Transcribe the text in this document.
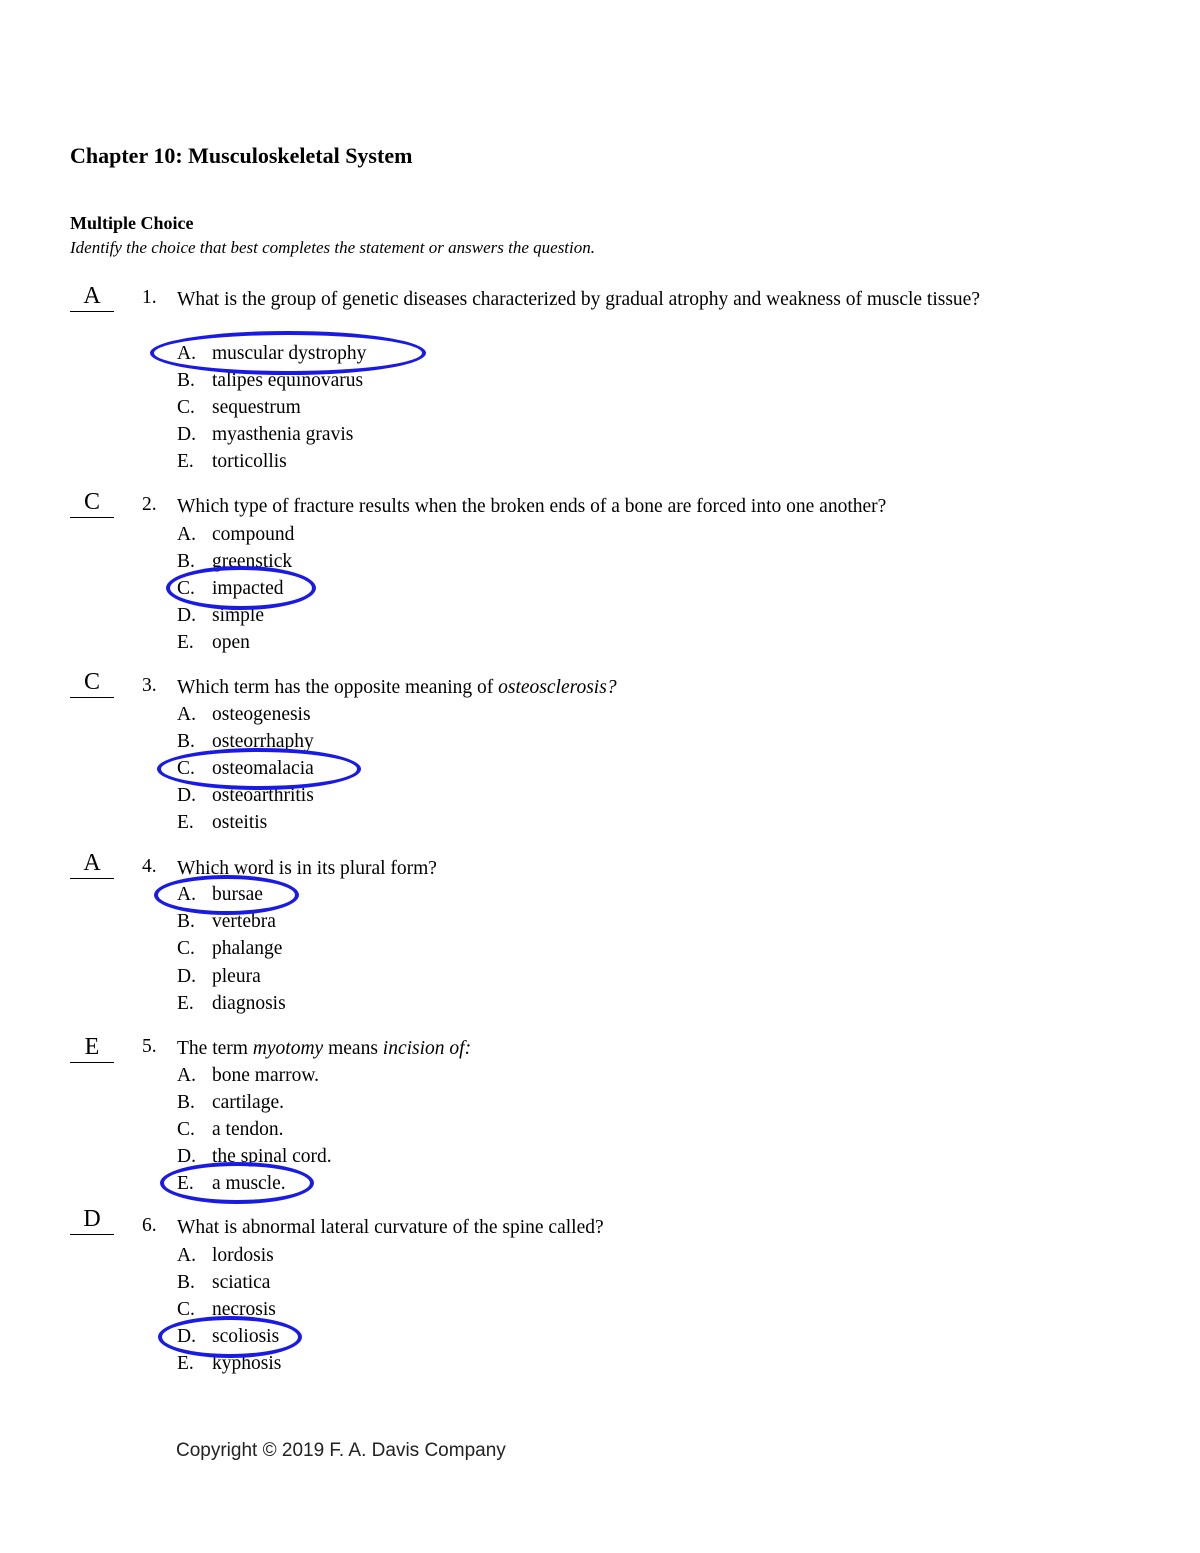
Chapter 10: Musculoskeletal System
Multiple Choice
Identify the choice that best completes the statement or answers the question.
A	1. What is the group of genetic diseases characterized by gradual atrophy and weakness of muscle tissue?
A. muscular dystrophy
B. talipes equinovarus
C. sequestrum
D. myasthenia gravis
E. torticollis
C	2. Which type of fracture results when the broken ends of a bone are forced into one another?
A. compound
B. greenstick
C. impacted
D. simple
E. open
C	3. Which term has the opposite meaning of osteosclerosis?
A. osteogenesis
B. osteorrhaphy
C. osteomalacia
D. osteoarthritis
E. osteitis
A	4. Which word is in its plural form?
A. bursae
B. vertebra
C. phalange
D. pleura
E. diagnosis
E	5. The term myotomy means incision of:
A. bone marrow.
B. cartilage.
C. a tendon.
D. the spinal cord.
E. a muscle.
D	6. What is abnormal lateral curvature of the spine called?
A. lordosis
B. sciatica
C. necrosis
D. scoliosis
E. kyphosis
Copyright © 2019 F. A. Davis Company
